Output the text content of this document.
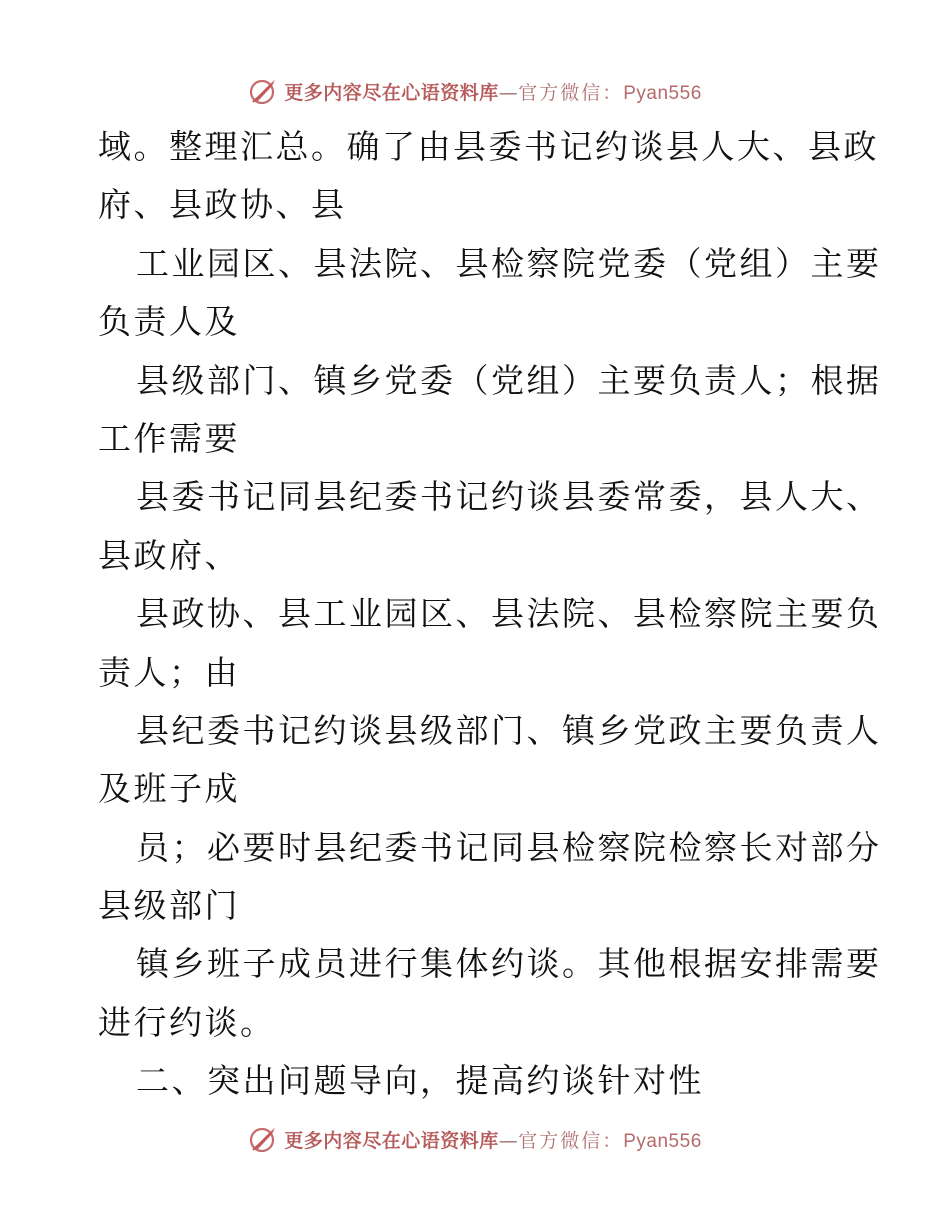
更多内容尽在心语资料库—官方微信：Pyan556
域。整理汇总。确了由县委书记约谈县人大、县政
府、县政协、县
工业园区、县法院、县检察院党委（党组）主要
负责人及
县级部门、镇乡党委（党组）主要负责人；根据
工作需要
县委书记同县纪委书记约谈县委常委，县人大、
县政府、
县政协、县工业园区、县法院、县检察院主要负
责人；由
县纪委书记约谈县级部门、镇乡党政主要负责人
及班子成
员；必要时县纪委书记同县检察院检察长对部分
县级部门
镇乡班子成员进行集体约谈。其他根据安排需要
进行约谈。
二、突出问题导向，提高约谈针对性
更多内容尽在心语资料库—官方微信：Pyan556
